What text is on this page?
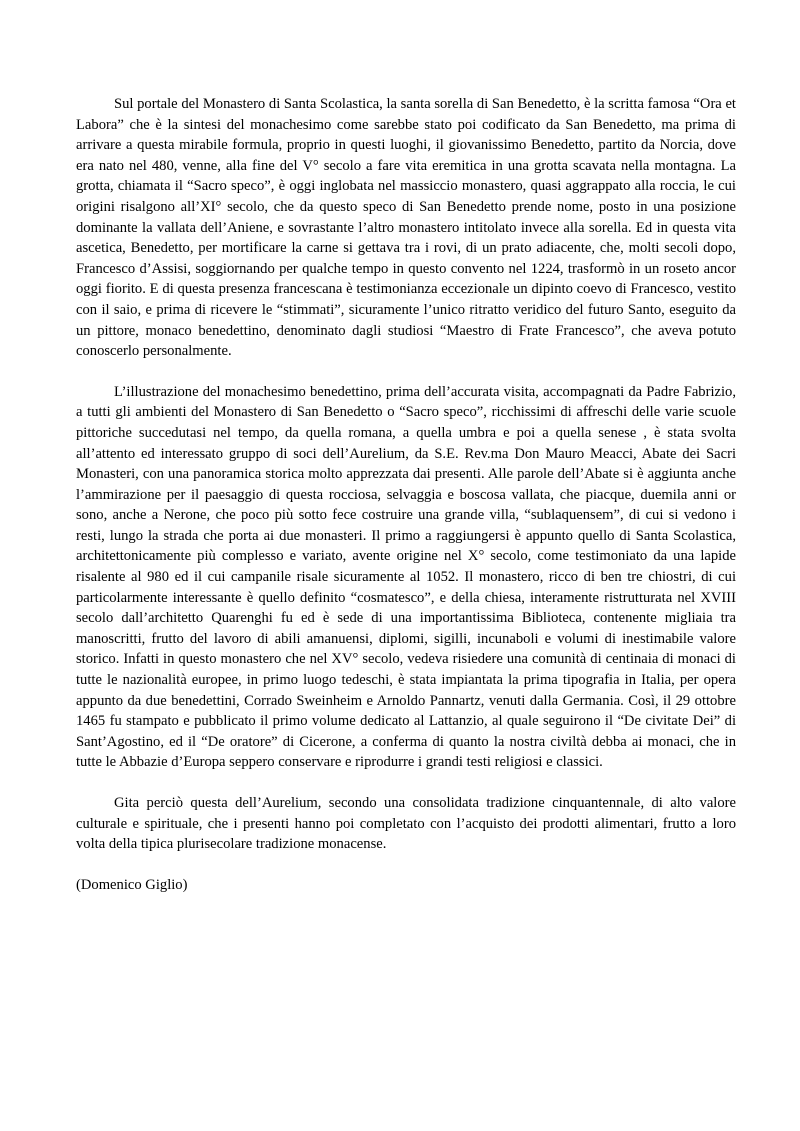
Sul portale del Monastero di Santa Scolastica, la santa sorella di San Benedetto, è la scritta famosa “Ora et Labora” che è la sintesi del monachesimo come sarebbe stato poi codificato da San Benedetto, ma prima di arrivare a questa mirabile formula, proprio in questi luoghi, il giovanissimo Benedetto, partito da Norcia, dove era nato nel 480, venne, alla fine del V° secolo a fare vita eremitica in una grotta scavata nella montagna. La grotta, chiamata il “Sacro speco”, è oggi inglobata nel massiccio monastero, quasi aggrappato alla roccia, le cui origini risalgono all’XI° secolo, che da questo speco di San Benedetto prende nome, posto in una posizione dominante la vallata dell’Aniene, e sovrastante l’altro monastero intitolato invece alla sorella. Ed in questa vita ascetica, Benedetto, per mortificare la carne si gettava tra i rovi, di un prato adiacente, che, molti secoli dopo, Francesco d’Assisi, soggiornando per qualche tempo in questo convento nel 1224, trasformò in un roseto ancor oggi fiorito. E di questa presenza francescana è testimonianza eccezionale un dipinto coevo di Francesco, vestito con il saio, e prima di ricevere le “stimmati”, sicuramente l’unico ritratto veridico del futuro Santo, eseguito da un pittore, monaco benedettino, denominato dagli studiosi “Maestro di Frate Francesco”, che aveva potuto conoscerlo personalmente.

L’illustrazione del monachesimo benedettino, prima dell’accurata visita, accompagnati da Padre Fabrizio, a tutti gli ambienti del Monastero di San Benedetto o “Sacro speco”, ricchissimi di affreschi delle varie scuole pittoriche succedutasi nel tempo, da quella romana, a quella umbra e poi a quella senese , è stata svolta all’attento ed interessato gruppo di soci dell’Aurelium, da S.E. Rev.ma Don Mauro Meacci, Abate dei Sacri Monasteri, con una panoramica storica molto apprezzata dai presenti. Alle parole dell’Abate si è aggiunta anche l’ammirazione per il paesaggio di questa rocciosa, selvaggia e boscosa vallata, che piacque, duemila anni or sono, anche a Nerone, che poco più sotto fece costruire una grande villa, “sublaquensem”, di cui si vedono i resti, lungo la strada che porta ai due monasteri. Il primo a raggiungersi è appunto quello di Santa Scolastica, architettonicamente più complesso e variato, avente origine nel X° secolo, come testimoniato da una lapide risalente al 980 ed il cui campanile risale sicuramente al 1052. Il monastero, ricco di ben tre chiostri, di cui particolarmente interessante è quello definito “cosmatesco”, e della chiesa, interamente ristrutturata nel XVIII secolo dall’architetto Quarenghi fu ed è sede di una importantissima Biblioteca, contenente migliaia tra manoscritti, frutto del lavoro di abili amanuensi, diplomi, sigilli, incunaboli e volumi di inestimabile valore storico. Infatti in questo monastero che nel XV° secolo, vedeva risiedere una comunità di centinaia di monaci di tutte le nazionalità europee, in primo luogo tedeschi, è stata impiantata la prima tipografia in Italia, per opera appunto da due benedettini, Corrado Sweinheim e Arnoldo Pannartz, venuti dalla Germania. Così, il 29 ottobre 1465 fu stampato e pubblicato il primo volume dedicato al Lattanzio, al quale seguirono il “De civitate Dei” di Sant’Agostino, ed il “De oratore” di Cicerone, a conferma di quanto la nostra civiltà debba ai monaci, che in tutte le Abbazie d’Europa seppero conservare e riprodurre i grandi testi religiosi e classici.

Gita perciò questa dell’Aurelium, secondo una consolidata tradizione cinquantennale, di alto valore culturale e spirituale, che i presenti hanno poi completato con l’acquisto dei prodotti alimentari, frutto a loro volta della tipica plurisecolare tradizione monacense.

(Domenico Giglio)
